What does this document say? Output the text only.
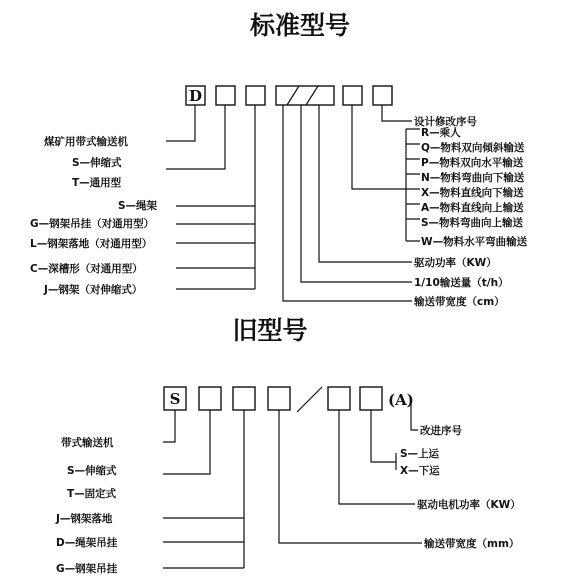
标准型号
D
煤矿用带式输送机
S—伸缩式
T—通用型
S—绳架
G—钢架吊挂（对通用型）
L—钢架落地（对通用型）
C—深槽形（对通用型）
J—钢架（对伸缩式）
设计修改序号
R—乘人
Q—物料双向倾斜输送
P—物料双向水平输送
N—物料弯曲向下输送
X—物料直线向下输送
A—物料直线向上输送
S—物料弯曲向上输送
W—物料水平弯曲输送
驱动功率（KW）
1/10输送量（t/h）
输送带宽度（cm）
旧型号
S	(A)
带式输送机
S—伸缩式
T—固定式
J—钢架落地
D—绳架吊挂
G—钢架吊挂
改进序号
S—上运
X—下运
驱动电机功率（KW）
输送带宽度（mm）
